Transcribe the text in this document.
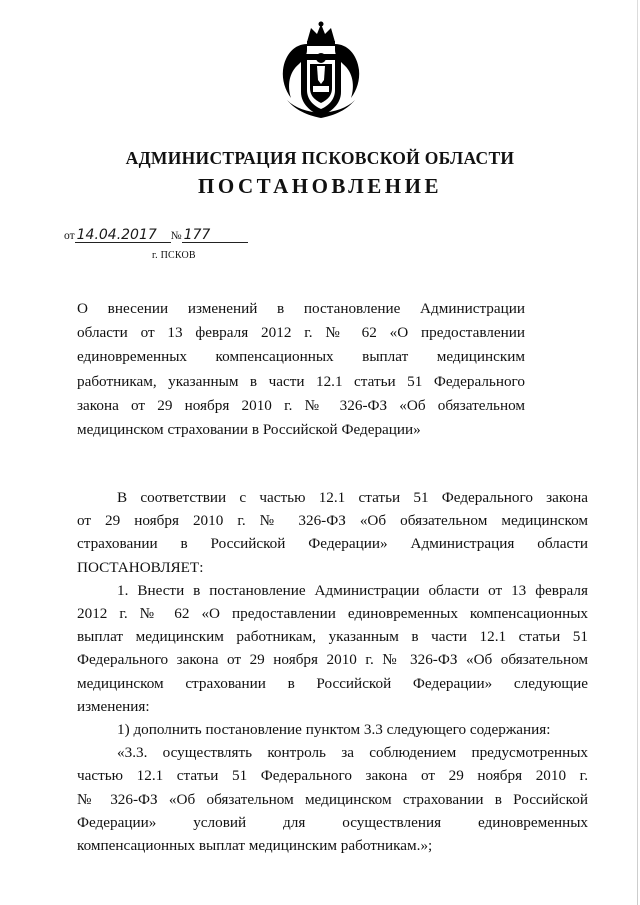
АДМИНИСТРАЦИЯ ПСКОВСКОЙ ОБЛАСТИ
ПОСТАНОВЛЕНИЕ
от 14.04.2017 № 177
г. ПСКОВ
О внесении изменений в постановление Администрации
области от 13 февраля 2012 г. № 62 «О предоставлении
единовременных компенсационных выплат медицинским
работникам, указанным в части 12.1 статьи 51 Федерального
закона от 29 ноября 2010 г. № 326-ФЗ «Об обязательном
медицинском страховании в Российской Федерации»
В соответствии с частью 12.1 статьи 51 Федерального закона
от 29 ноября 2010 г. № 326-ФЗ «Об обязательном медицинском
страховании в Российской Федерации» Администрация области
ПОСТАНОВЛЯЕТ:
1. Внести в постановление Администрации области от 13 февраля
2012 г. № 62 «О предоставлении единовременных компенсационных
выплат медицинским работникам, указанным в части 12.1 статьи 51
Федерального закона от 29 ноября 2010 г. № 326-ФЗ «Об обязательном
медицинском страховании в Российской Федерации» следующие
изменения:
1) дополнить постановление пунктом 3.3 следующего содержания:
«3.3. осуществлять контроль за соблюдением предусмотренных
частью 12.1 статьи 51 Федерального закона от 29 ноября 2010 г.
№ 326-ФЗ «Об обязательном медицинском страховании в Российской
Федерации» условий для осуществления единовременных
компенсационных выплат медицинским работникам.»;
